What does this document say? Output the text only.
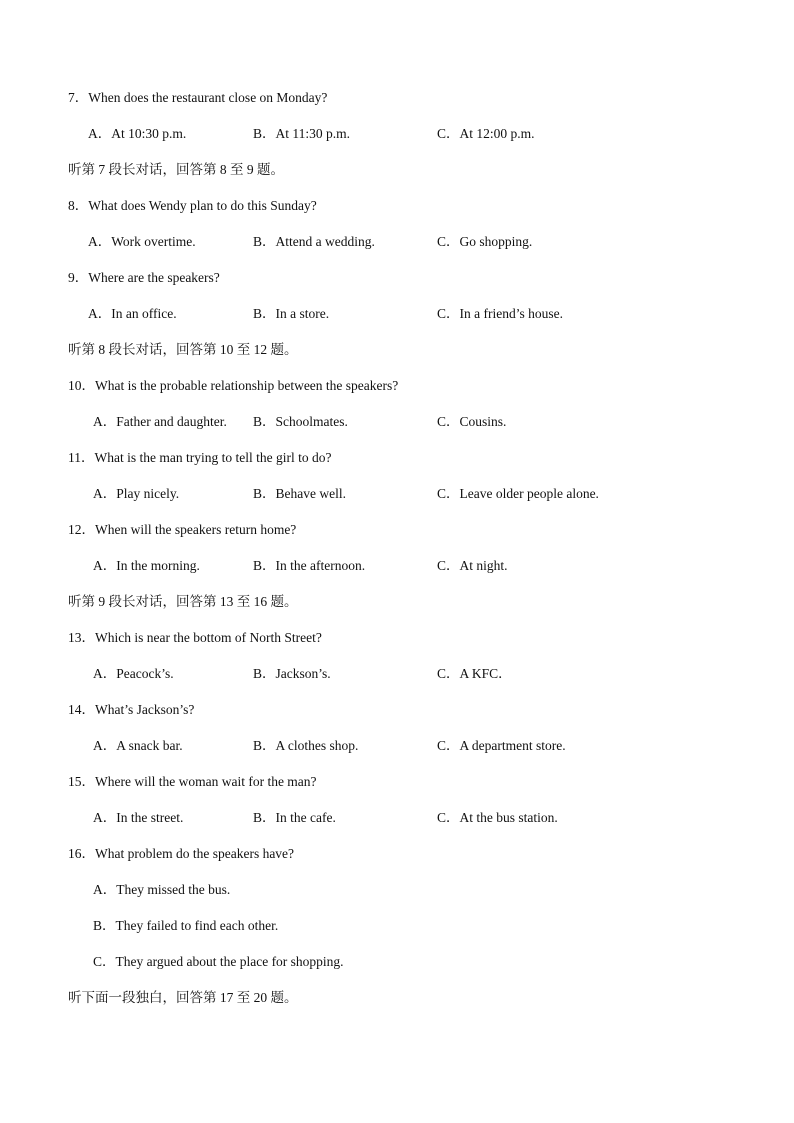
7．When does the restaurant close on Monday?
A．At 10:30 p.m.	B．At 11:30 p.m.	C．At 12:00 p.m.
听第 7 段长对话，回答第 8 至 9 题。
8．What does Wendy plan to do this Sunday?
A．Work overtime.	B．Attend a wedding.	C．Go shopping.
9．Where are the speakers?
A．In an office.	B．In a store.	C．In a friend’s house.
听第 8 段长对话，回答第 10 至 12 题。
10．What is the probable relationship between the speakers?
A．Father and daughter. B．Schoolmates.	C．Cousins.
11．What is the man trying to tell the girl to do?
A．Play nicely.	B．Behave well.	C．Leave older people alone.
12．When will the speakers return home?
A．In the morning.	B．In the afternoon.	C．At night.
听第 9 段长对话，回答第 13 至 16 题。
13．Which is near the bottom of North Street?
A．Peacock’s.	B．Jackson’s.	C．A KFC．
14．What’s Jackson’s?
A．A snack bar.	B．A clothes shop.	C．A department store.
15．Where will the woman wait for the man?
A．In the street.	B．In the cafe.	C．At the bus station.
16．What problem do the speakers have?
A．They missed the bus.
B．They failed to find each other.
C．They argued about the place for shopping.
听下面一段独白，回答第 17 至 20 题。
